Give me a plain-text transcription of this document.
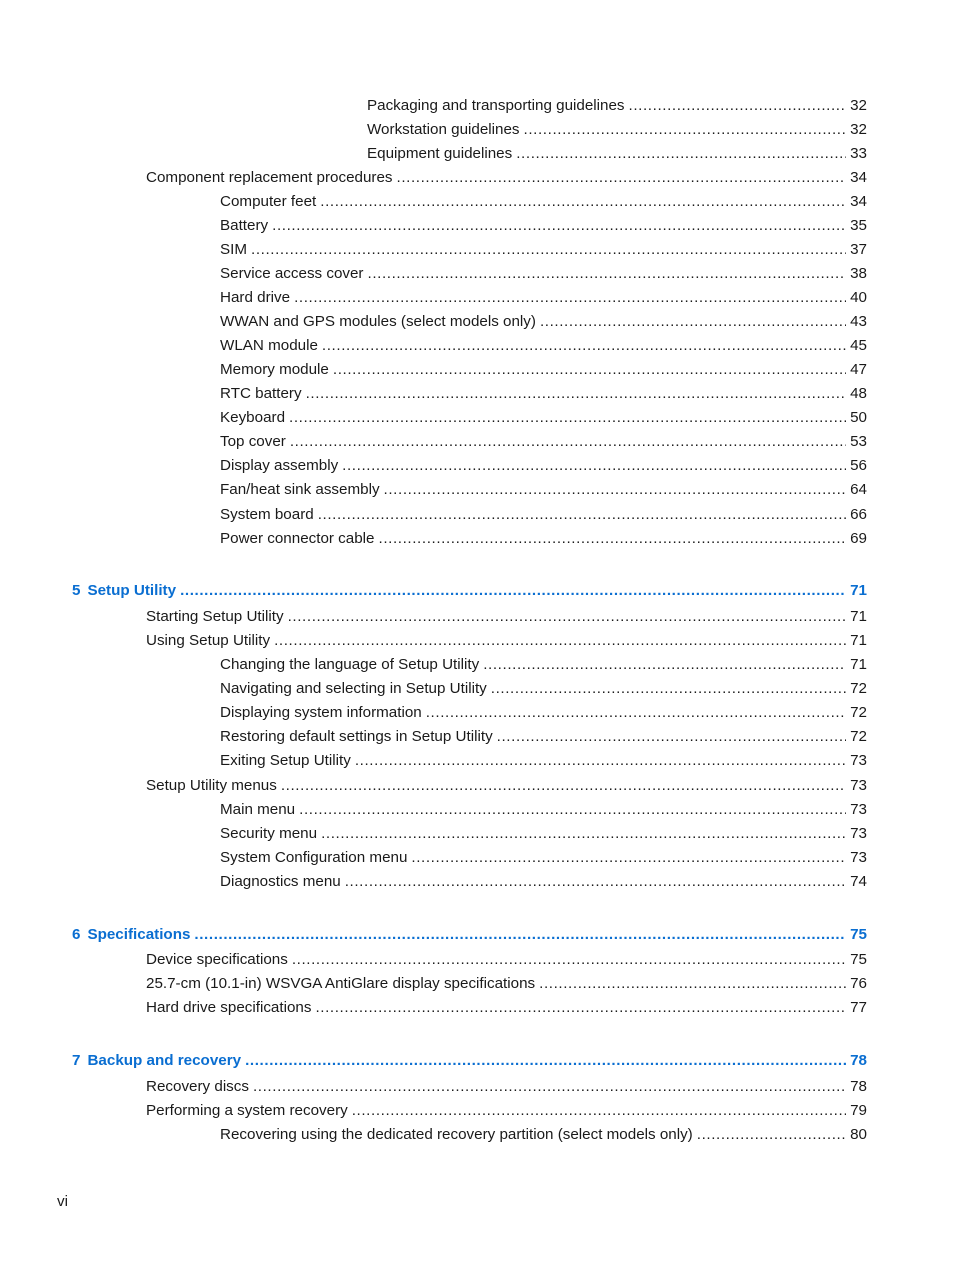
Packaging and transporting guidelines .....	32
Workstation guidelines .....	32
Equipment guidelines .....	33
Component replacement procedures .....	34
Computer feet .....	34
Battery .....	35
SIM .....	37
Service access cover .....	38
Hard drive .....	40
WWAN and GPS modules (select models only) .....	43
WLAN module .....	45
Memory module .....	47
RTC battery .....	48
Keyboard .....	50
Top cover .....	53
Display assembly .....	56
Fan/heat sink assembly .....	64
System board .....	66
Power connector cable .....	69
5 Setup Utility .....	71
Starting Setup Utility .....	71
Using Setup Utility .....	71
Changing the language of Setup Utility .....	71
Navigating and selecting in Setup Utility .....	72
Displaying system information .....	72
Restoring default settings in Setup Utility .....	72
Exiting Setup Utility .....	73
Setup Utility menus .....	73
Main menu .....	73
Security menu .....	73
System Configuration menu .....	73
Diagnostics menu .....	74
6 Specifications .....	75
Device specifications .....	75
25.7-cm (10.1-in) WSVGA AntiGlare display specifications .....	76
Hard drive specifications .....	77
7 Backup and recovery .....	78
Recovery discs .....	78
Performing a system recovery .....	79
Recovering using the dedicated recovery partition (select models only) .....	80
vi
